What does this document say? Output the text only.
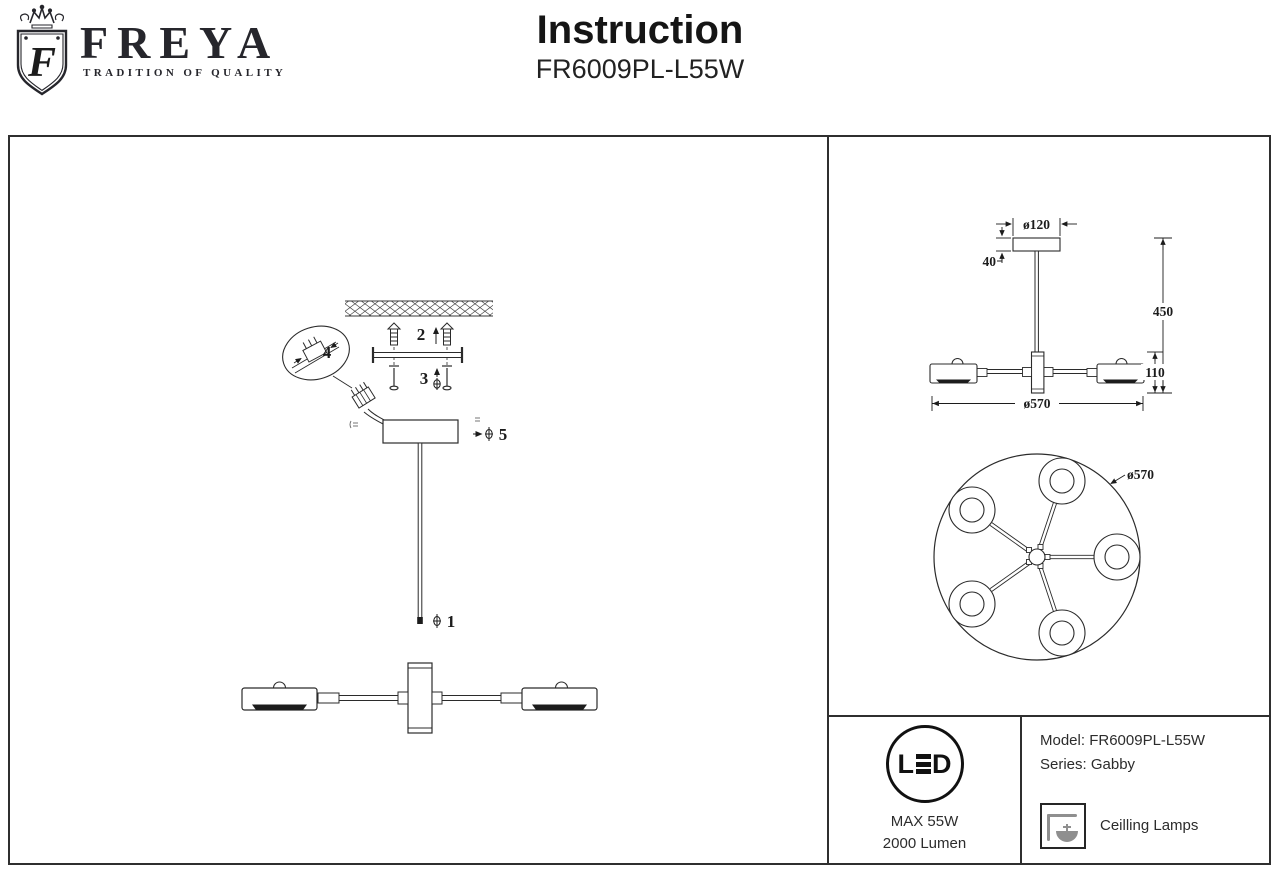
F FREYA
TRADITION OF QUALITY
Instruction
FR6009PL-L55W
2
3
4
5
1
ø120
40
450
110
ø570
ø570
L D
MAX 55W
2000 Lumen
Model: FR6009PL-L55W
Series: Gabby
Ceilling Lamps
